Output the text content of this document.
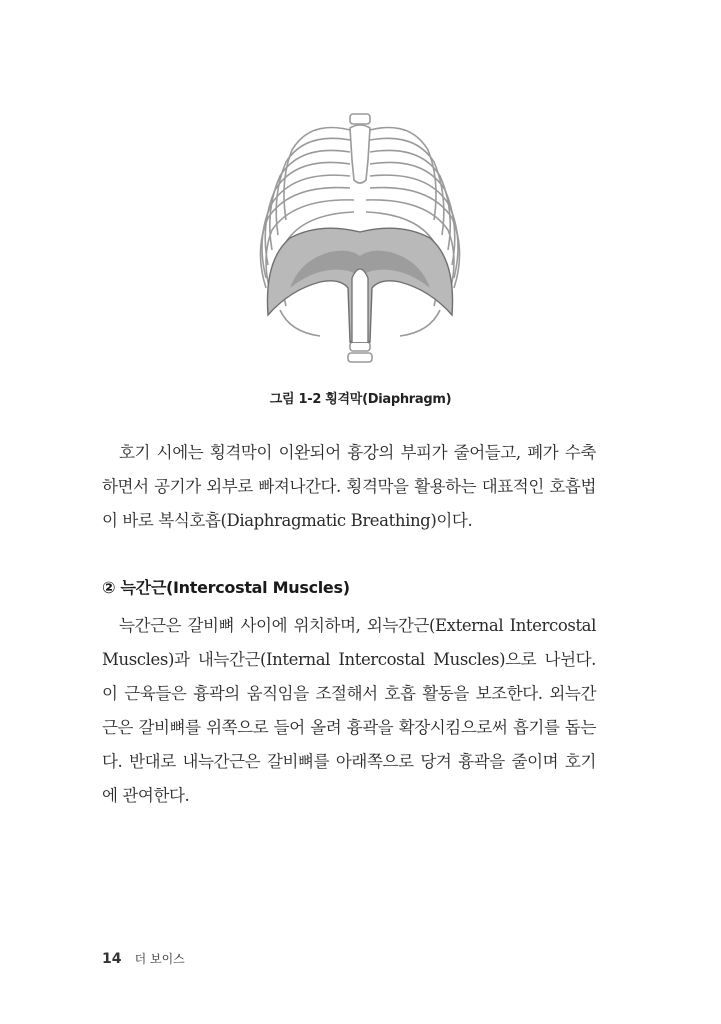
그림 1-2 횡격막(Diaphragm)

호기 시에는 횡격막이 이완되어 흉강의 부피가 줄어들고, 폐가 수축하면서 공기가 외부로 빠져나간다. 횡격막을 활용하는 대표적인 호흡법이 바로 복식호흡(Diaphragmatic Breathing)이다.

② 늑간근(Intercostal Muscles)

늑간근은 갈비뼈 사이에 위치하며, 외늑간근(External Intercostal Muscles)과 내늑간근(Internal Intercostal Muscles)으로 나뉜다. 이 근육들은 흉곽의 움직임을 조절해서 호흡 활동을 보조한다. 외늑간근은 갈비뼈를 위쪽으로 들어 올려 흉곽을 확장시킴으로써 흡기를 돕는다. 반대로 내늑간근은 갈비뼈를 아래쪽으로 당겨 흉곽을 줄이며 호기에 관여한다.

14 더 보이스
